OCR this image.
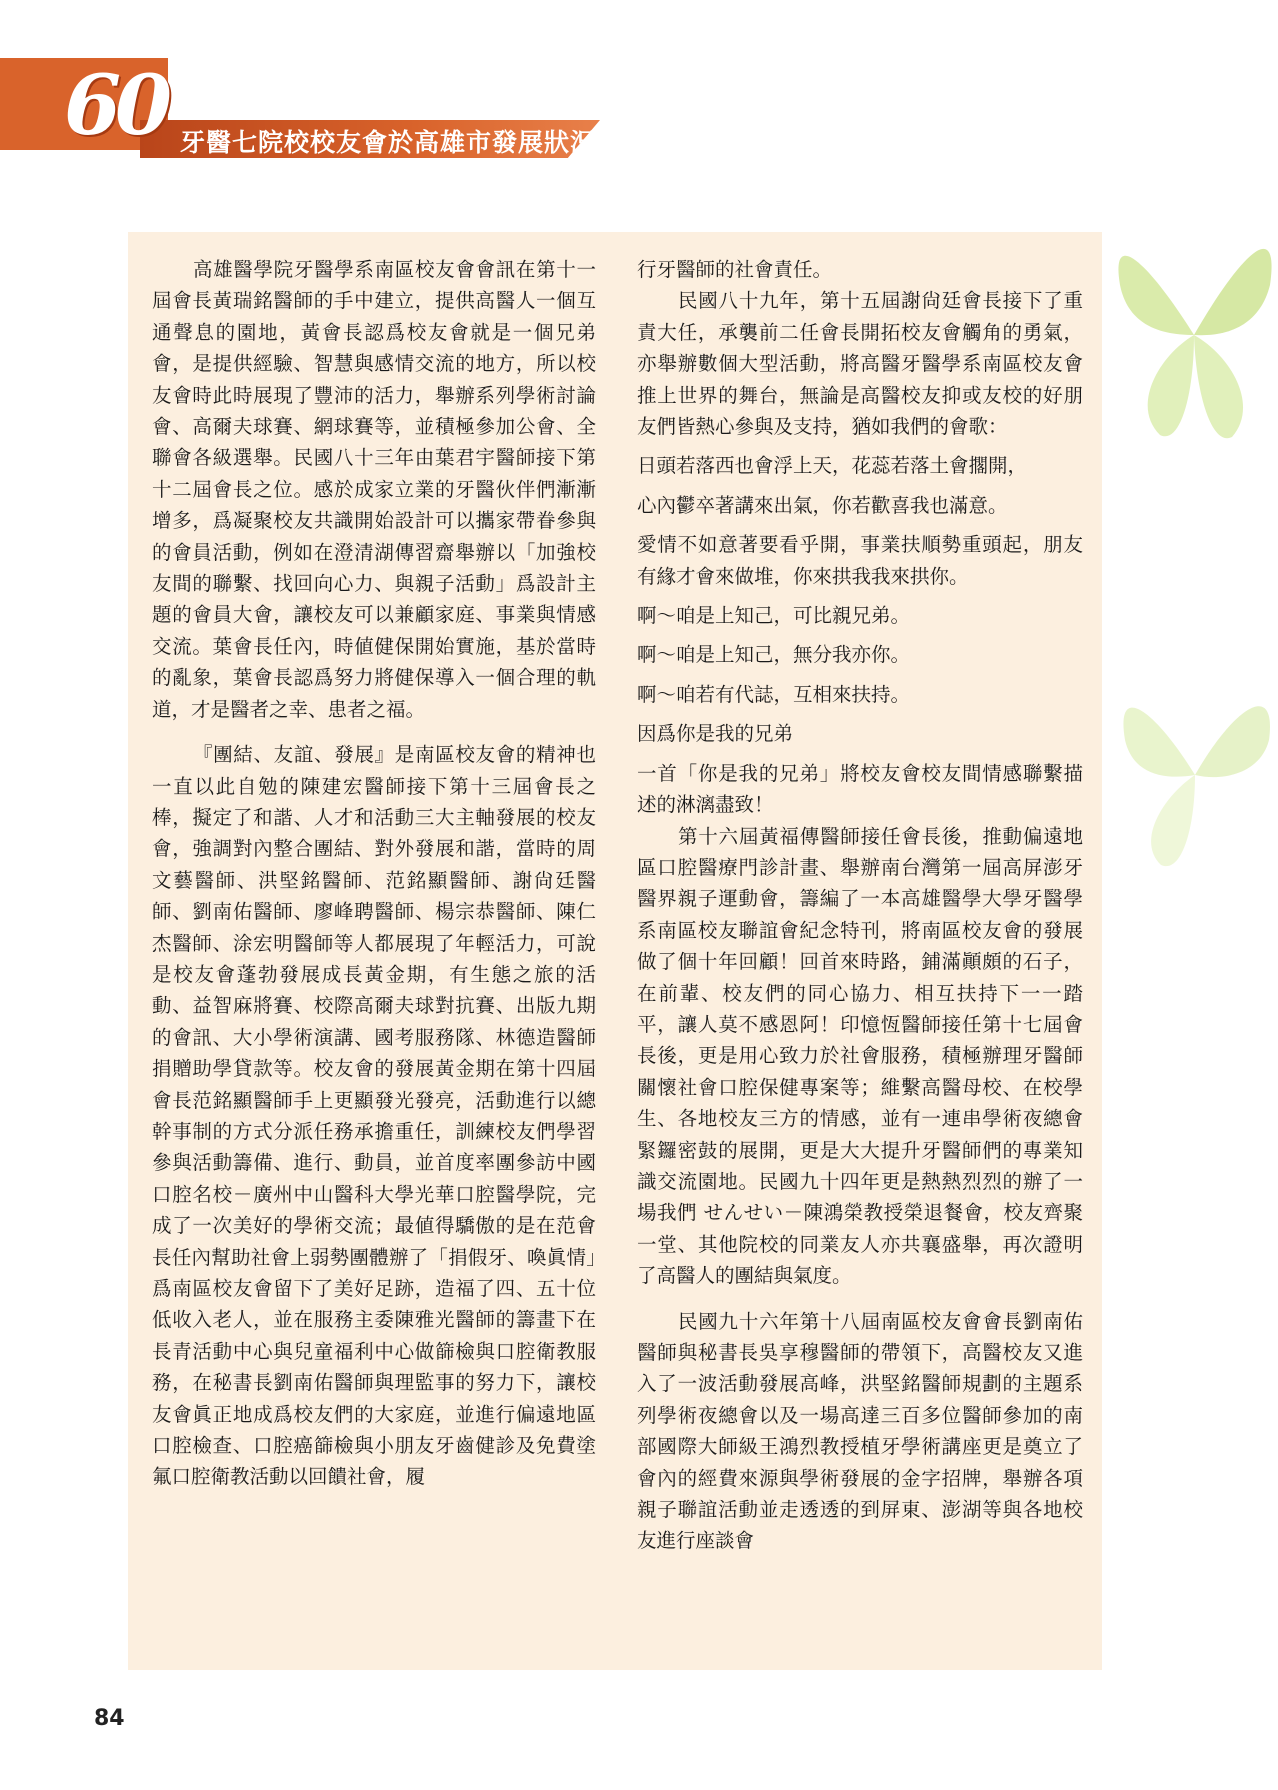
60 牙醫七院校校友會於高雄市發展狀況

高雄醫學院牙醫學系南區校友會會訊在第十一屆會長黃瑞銘醫師的手中建立，提供高醫人一個互通聲息的園地，黃會長認爲校友會就是一個兄弟會，是提供經驗、智慧與感情交流的地方，所以校友會時此時展現了豐沛的活力，舉辦系列學術討論會、高爾夫球賽、網球賽等，並積極參加公會、全聯會各級選舉。民國八十三年由葉君宇醫師接下第十二屆會長之位。感於成家立業的牙醫伙伴們漸漸增多，爲凝聚校友共識開始設計可以攜家帶眷參與的會員活動，例如在澄清湖傳習齋舉辦以「加強校友間的聯繫、找回向心力、與親子活動」爲設計主題的會員大會，讓校友可以兼顧家庭、事業與情感交流。葉會長任內，時値健保開始實施，基於當時的亂象，葉會長認爲努力將健保導入一個合理的軌道，才是醫者之幸、患者之福。

『團結、友誼、發展』是南區校友會的精神也一直以此自勉的陳建宏醫師接下第十三屆會長之棒，擬定了和諧、人才和活動三大主軸發展的校友會，強調對內整合團結、對外發展和諧，當時的周文藝醫師、洪堅銘醫師、范銘顯醫師、謝尙廷醫師、劉南佑醫師、廖峰聘醫師、楊宗恭醫師、陳仁杰醫師、涂宏明醫師等人都展現了年輕活力，可說是校友會蓬勃發展成長黃金期，有生態之旅的活動、益智麻將賽、校際高爾夫球對抗賽、出版九期的會訊、大小學術演講、國考服務隊、林德造醫師捐贈助學貸款等。校友會的發展黃金期在第十四屆會長范銘顯醫師手上更顯發光發亮，活動進行以總幹事制的方式分派任務承擔重任，訓練校友們學習參與活動籌備、進行、動員，並首度率團參訪中國口腔名校－廣州中山醫科大學光華口腔醫學院，完成了一次美好的學術交流；最値得驕傲的是在范會長任內幫助社會上弱勢團體辦了「捐假牙、喚眞情」爲南區校友會留下了美好足跡，造福了四、五十位低收入老人，並在服務主委陳雅光醫師的籌畫下在長青活動中心與兒童福利中心做篩檢與口腔衛教服務，在秘書長劉南佑醫師與理監事的努力下，讓校友會眞正地成爲校友們的大家庭，並進行偏遠地區口腔檢查、口腔癌篩檢與小朋友牙齒健診及免費塗氟口腔衛教活動以回饋社會，履

行牙醫師的社會責任。

民國八十九年，第十五屆謝尙廷會長接下了重責大任，承襲前二任會長開拓校友會觸角的勇氣，亦舉辦數個大型活動，將高醫牙醫學系南區校友會推上世界的舞台，無論是高醫校友抑或友校的好朋友們皆熱心參與及支持，猶如我們的會歌：

日頭若落西也會浮上天，花蕊若落土會擱開，

心內鬱卒著講來出氣，你若歡喜我也滿意。

愛情不如意著要看乎開，事業扶順勢重頭起，朋友有緣才會來做堆，你來拱我我來拱你。

啊～咱是上知己，可比親兄弟。

啊～咱是上知己，無分我亦你。

啊～咱若有代誌，互相來扶持。

因爲你是我的兄弟

一首「你是我的兄弟」將校友會校友間情感聯繫描述的淋漓盡致！

第十六屆黃福傳醫師接任會長後，推動偏遠地區口腔醫療門診計畫、舉辦南台灣第一屆高屏澎牙醫界親子運動會，籌編了一本高雄醫學大學牙醫學系南區校友聯誼會紀念特刊，將南區校友會的發展做了個十年回顧！回首來時路，鋪滿顚頗的石子，在前輩、校友們的同心協力、相互扶持下一一踏平，讓人莫不感恩阿！印憶恆醫師接任第十七屆會長後，更是用心致力於社會服務，積極辦理牙醫師關懷社會口腔保健專案等；維繫高醫母校、在校學生、各地校友三方的情感，並有一連串學術夜總會緊鑼密鼓的展開，更是大大提升牙醫師們的專業知識交流園地。民國九十四年更是熱熱烈烈的辦了一場我們 せんせい－陳鴻榮教授榮退餐會，校友齊聚一堂、其他院校的同業友人亦共襄盛舉，再次證明了高醫人的團結與氣度。

民國九十六年第十八屆南區校友會會長劉南佑醫師與秘書長吳享穆醫師的帶領下，高醫校友又進入了一波活動發展高峰，洪堅銘醫師規劃的主題系列學術夜總會以及一場高達三百多位醫師參加的南部國際大師級王鴻烈教授植牙學術講座更是奠立了會內的經費來源與學術發展的金字招牌，舉辦各項親子聯誼活動並走透透的到屏東、澎湖等與各地校友進行座談會

84
